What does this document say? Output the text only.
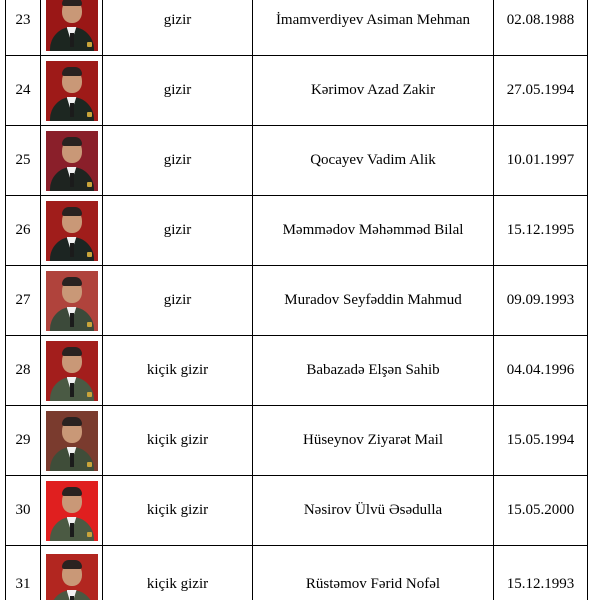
23		gizir	İmamverdiyev Asiman Mehman	02.08.1988
24		gizir	Kərimov Azad Zakir	27.05.1994
25		gizir	Qocayev Vadim Alik	10.01.1997
26		gizir	Məmmədov Məhəmməd Bilal	15.12.1995
27		gizir	Muradov Seyfəddin Mahmud	09.09.1993
28		kiçik gizir	Babazadə Elşən Sahib	04.04.1996
29		kiçik gizir	Hüseynov Ziyarət Mail	15.05.1994
30		kiçik gizir	Nəsirov Ülvü Əsədulla	15.05.2000
31		kiçik gizir	Rüstəmov Fərid Nofəl	15.12.1993
